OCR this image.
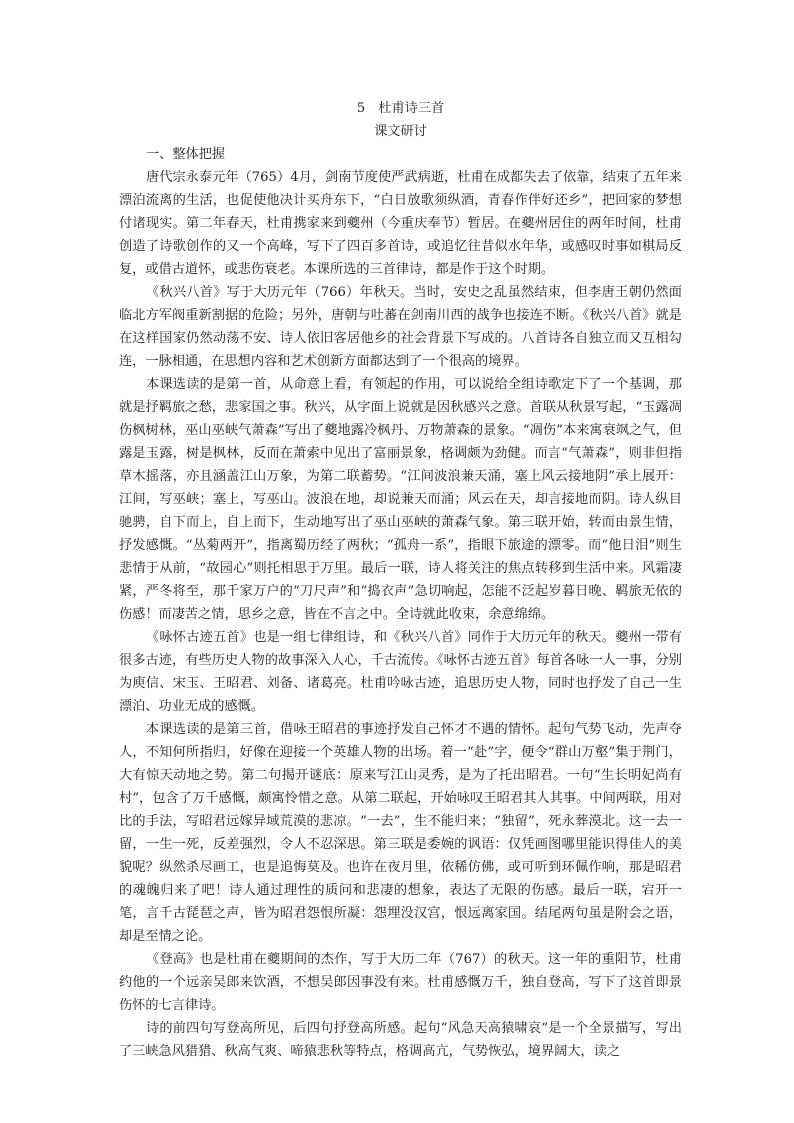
5　杜甫诗三首
课文研讨

一、整体把握

唐代宗永泰元年（765）4月，剑南节度使严武病逝，杜甫在成都失去了依靠，结束了五年来漂泊流离的生活，也促使他决计买舟东下，“白日放歌须纵酒，青春作伴好还乡”，把回家的梦想付诸现实。第二年春天，杜甫携家来到夔州（今重庆奉节）暂居。在夔州居住的两年时间，杜甫创造了诗歌创作的又一个高峰，写下了四百多首诗，或追忆往昔似水年华，或感叹时事如棋局反复，或借古道怀，或悲伤衰老。本课所选的三首律诗，都是作于这个时期。

《秋兴八首》写于大历元年（766）年秋天。当时，安史之乱虽然结束，但李唐王朝仍然面临北方军阀重新割据的危险；另外，唐朝与吐蕃在剑南川西的战争也接连不断。《秋兴八首》就是在这样国家仍然动荡不安、诗人依旧客居他乡的社会背景下写成的。八首诗各自独立而又互相勾连，一脉相通，在思想内容和艺术创新方面都达到了一个很高的境界。

本课选读的是第一首，从命意上看，有领起的作用，可以说给全组诗歌定下了一个基调，那就是抒羁旅之愁，悲家国之事。秋兴，从字面上说就是因秋感兴之意。首联从秋景写起，“玉露凋伤枫树林，巫山巫峡气萧森”写出了夔地露冷枫丹、万物萧森的景象。“凋伤”本来寓衰飒之气，但露是玉露，树是枫林，反而在萧索中见出了富丽景象，格调颇为劲健。而言“气萧森”，则非但指草木摇落，亦且涵盖江山万象，为第二联蓄势。“江间波浪兼天涌，塞上风云接地阴”承上展开：江间，写巫峡；塞上，写巫山。波浪在地，却说兼天而涌；风云在天，却言接地而阴。诗人纵目驰骋，自下而上，自上而下，生动地写出了巫山巫峡的萧森气象。第三联开始，转而由景生情，抒发感慨。“丛菊两开”，指离蜀历经了两秋；“孤舟一系”，指眼下旅途的漂零。而“他日泪”则生悲情于从前，“故园心”则托相思于万里。最后一联，诗人将关注的焦点转移到生活中来。风霜凄紧，严冬将至，那千家万户的“刀尺声”和“捣衣声”急切响起，怎能不泛起岁暮日晚、羁旅无依的伤感！而凄苦之情，思乡之意，皆在不言之中。全诗就此收束，余意绵绵。

《咏怀古迹五首》也是一组七律组诗，和《秋兴八首》同作于大历元年的秋天。夔州一带有很多古迹，有些历史人物的故事深入人心，千古流传。《咏怀古迹五首》每首各咏一人一事，分别为庾信、宋玉、王昭君、刘备、诸葛亮。杜甫吟咏古迹，追思历史人物，同时也抒发了自己一生漂泊、功业无成的感慨。

本课选读的是第三首，借咏王昭君的事迹抒发自己怀才不遇的情怀。起句气势飞动，先声夺人，不知何所指归，好像在迎接一个英雄人物的出场。着一“赴”字，便令“群山万壑”集于荆门，大有惊天动地之势。第二句揭开谜底：原来写江山灵秀，是为了托出昭君。一句“生长明妃尚有村”，包含了万千感慨，颇寓怜惜之意。从第二联起，开始咏叹王昭君其人其事。中间两联，用对比的手法，写昭君远嫁异域荒漠的悲凉。“一去”，生不能归来；“独留”，死永葬漠北。这一去一留，一生一死，反差强烈，令人不忍深思。第三联是委婉的讽语：仅凭画图哪里能识得佳人的美貌呢？纵然杀尽画工，也是追悔莫及。也许在夜月里，依稀仿佛，或可听到环佩作响，那是昭君的魂魄归来了吧！诗人通过理性的质问和悲凄的想象，表达了无限的伤感。最后一联，宕开一笔，言千古琵琶之声，皆为昭君怨恨所凝：怨埋没汉宫，恨远离家国。结尾两句虽是附会之语，却是至情之论。

《登高》也是杜甫在夔期间的杰作，写于大历二年（767）的秋天。这一年的重阳节，杜甫约他的一个远亲吴郎来饮酒，不想吴郎因事没有来。杜甫感慨万千，独自登高，写下了这首即景伤怀的七言律诗。

诗的前四句写登高所见，后四句抒登高所感。起句“风急天高猿啸哀”是一个全景描写，写出了三峡急风猎猎、秋高气爽、啼猿悲秋等特点，格调高亢，气势恢弘，境界阔大，读之
